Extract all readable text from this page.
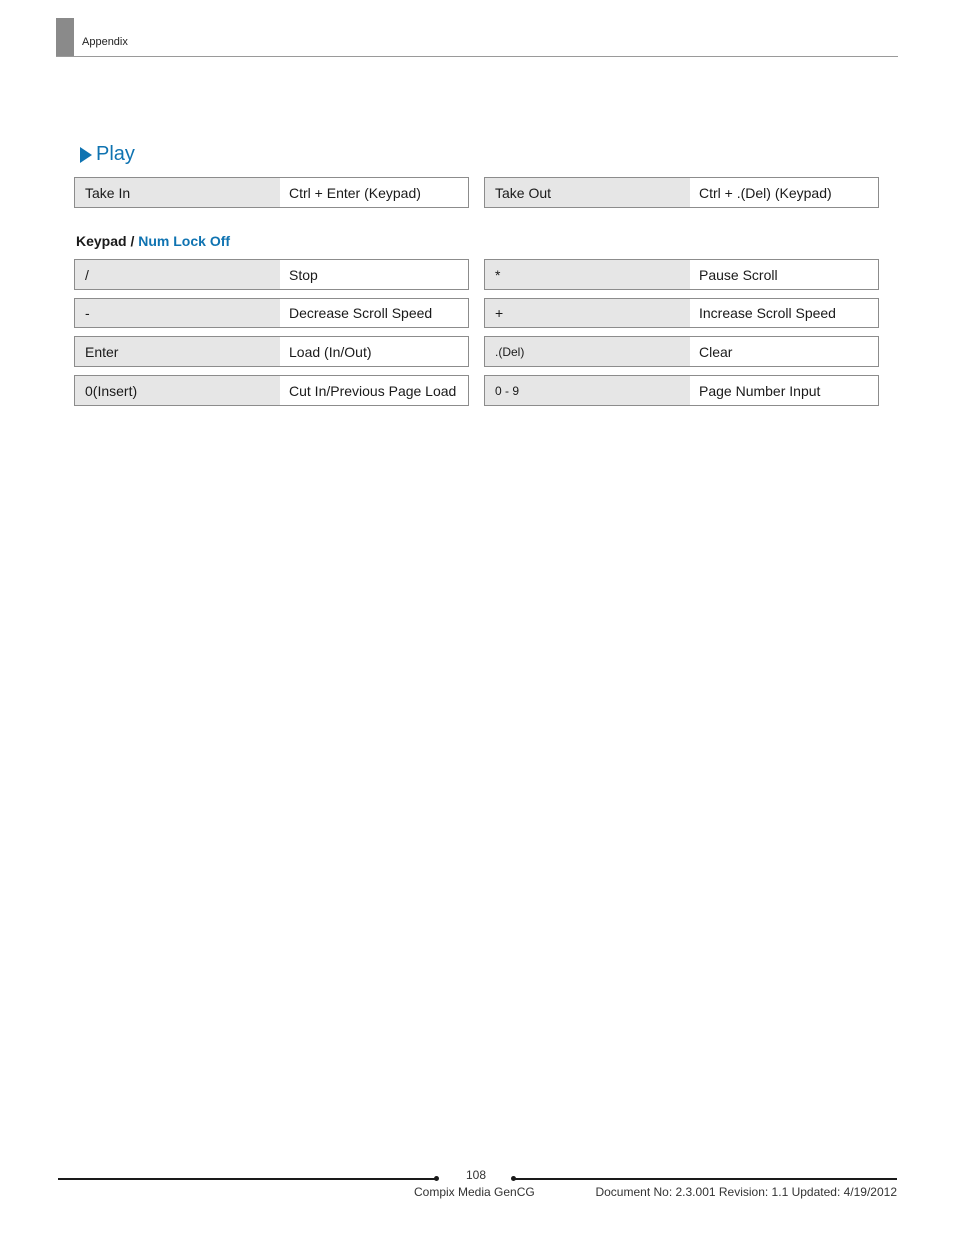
Appendix
Play
Take In	Ctrl + Enter (Keypad)	Take Out	Ctrl + .(Del) (Keypad)
Keypad / Num Lock Off
/	Stop	*	Pause Scroll
-	Decrease Scroll Speed	+	Increase Scroll Speed
Enter	Load (In/Out)	.(Del)	Clear
0(Insert)	Cut In/Previous Page Load	0 - 9	Page Number Input
108
Compix Media GenCG	Document No: 2.3.001 Revision: 1.1 Updated: 4/19/2012
